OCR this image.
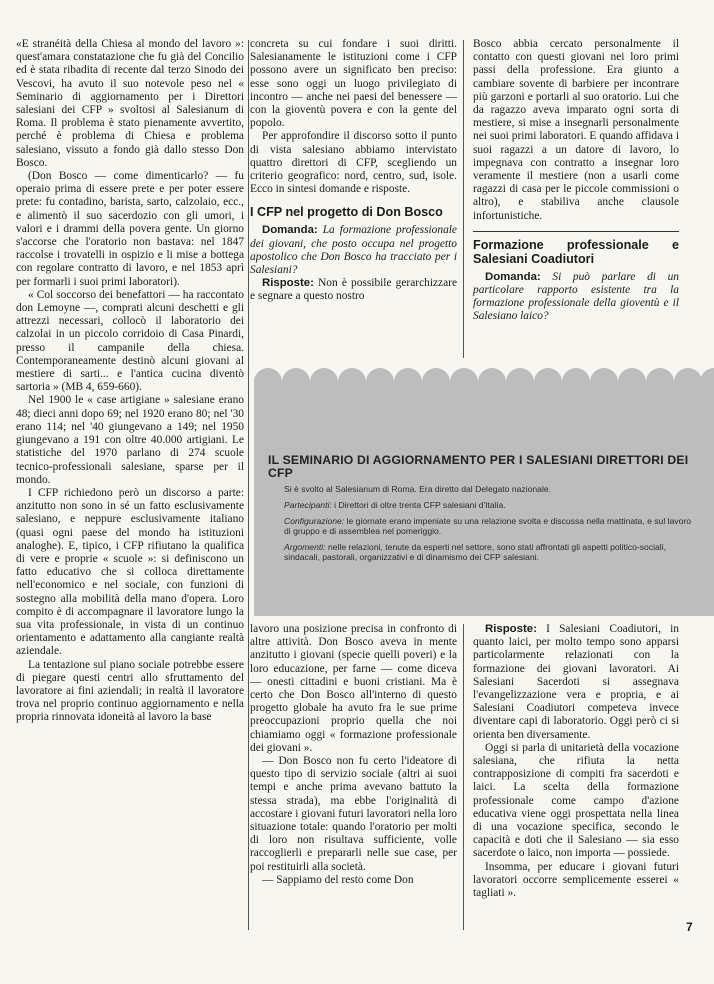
«E stranéità della Chiesa al mondo del lavoro »: quest'amara constatazione che fu già del Concilio ed è stata ribadita di recente dal terzo Sinodo dei Vescovi, ha avuto il suo notevole peso nel « Seminario di aggiornamento per i Direttori salesiani dei CFP » svoltosi al Salesianum di Roma. Il problema è stato pienamente avvertito, perché è problema di Chiesa e problema salesiano, vissuto a fondo già dallo stesso Don Bosco.

(Don Bosco — come dimenticarlo? — fu operaio prima di essere prete e per poter essere prete: fu contadino, barista, sarto, calzolaio, ecc., e alimentò il suo sacerdozio con gli umori, i valori e i drammi della povera gente. Un giorno s'accorse che l'oratorio non bastava: nel 1847 raccolse i trovatelli in ospizio e li mise a bottega con regolare contratto di lavoro, e nel 1853 aprì per formarli i suoi primi laboratori).

« Col soccorso dei benefattori — ha raccontato don Lemoyne —, comprati alcuni deschetti e gli attrezzi necessari, collocò il laboratorio dei calzolai in un piccolo corridoio di Casa Pinardi, presso il campanile della chiesa. Contemporaneamente destinò alcuni giovani al mestiere di sarti... e l'antica cucina diventò sartoria » (MB 4, 659-660).

Nel 1900 le « case artigiane » salesiane erano 48; dieci anni dopo 69; nel 1920 erano 80; nel '30 erano 114; nel '40 giungevano a 149; nel 1950 giungevano a 191 con oltre 40.000 artigiani. Le statistiche del 1970 parlano di 274 scuole tecnico-professionali salesiane, sparse per il mondo.

I CFP richiedono però un discorso a parte: anzitutto non sono in sé un fatto esclusivamente salesiano, e neppure esclusivamente italiano (quasi ogni paese del mondo ha istituzioni analoghe). E, tipico, i CFP rifiutano la qualifica di vere e proprie « scuole »: si definiscono un fatto educativo che si colloca direttamente nell'economico e nel sociale, con funzioni di sostegno alla mobilità della mano d'opera. Loro compito è di accompagnare il lavoratore lungo la sua vita professionale, in vista di un continuo orientamento e adattamento alla cangiante realtà aziendale.

La tentazione sul piano sociale potrebbe essere di piegare questi centri allo sfruttamento del lavoratore ai fini aziendali; in realtà il lavoratore trova nel proprio continuo aggiornamento e nella propria rinnovata idoneità al lavoro la base

concreta su cui fondare i suoi diritti. Salesianamente le istituzioni come i CFP possono avere un significato ben preciso: esse sono oggi un luogo privilegiato di incontro — anche nei paesi del benessere — con la gioventù povera e con la gente del popolo.

Per approfondire il discorso sotto il punto di vista salesiano abbiamo intervistato quattro direttori di CFP, scegliendo un criterio geografico: nord, centro, sud, isole. Ecco in sintesi domande e risposte.

I CFP nel progetto di Don Bosco

Domanda: La formazione professionale dei giovani, che posto occupa nel progetto apostolico che Don Bosco ha tracciato per i Salesiani?

Risposte: Non è possibile gerarchizzare e segnare a questo nostro

Bosco abbia cercato personalmente il contatto con questi giovani nei loro primi passi della professione. Era giunto a cambiare sovente di barbiere per incontrare più garzoni e portarli al suo oratorio. Lui che da ragazzo aveva imparato ogni sorta di mestiere, si mise a insegnarli personalmente nei suoi primi laboratori. E quando affidava i suoi ragazzi a un datore di lavoro, lo impegnava con contratto a insegnar loro veramente il mestiere (non a usarli come ragazzi di casa per le piccole commissioni o altro), e stabiliva anche clausole infortunistiche.

Formazione professionale e Salesiani Coadiutori

Domanda: Si può parlare di un particolare rapporto esistente tra la formazione professionale della gioventù e il Salesiano laico?

IL SEMINARIO DI AGGIORNAMENTO PER I SALESIANI DIRETTORI DEI CFP
Si è svolto al Salesianum di Roma. Era diretto dal Delegato nazionale.
Partecipanti: i Direttori di oltre trenta CFP salesiani d'Italia.
Configurazione: le giornate erano impeniate su una relazione svolta e discussa nella mattinata, e sul lavoro di gruppo e di assemblea nel pomeriggio.
Argomenti: nelle relazioni, tenute da esperti nel settore, sono stati affrontati gli aspetti politico-sociali, sindacali, pastorali, organizzativi e di dinamismo dei CFP salesiani.

lavoro una posizione precisa in confronto di altre attività. Don Bosco aveva in mente anzitutto i giovani (specie quelli poveri) e la loro educazione, per farne — come diceva — onesti cittadini e buoni cristiani. Ma è certo che Don Bosco all'interno di questo progetto globale ha avuto fra le sue prime preoccupazioni proprio quella che noi chiamiamo oggi « formazione professionale dei giovani ».

— Don Bosco non fu certo l'ideatore di questo tipo di servizio sociale (altri ai suoi tempi e anche prima avevano battuto la stessa strada), ma ebbe l'originalità di accostare i giovani futuri lavoratori nella loro situazione totale: quando l'oratorio per molti di loro non risultava sufficiente, volle raccoglierli e prepararli nelle sue case, per poi restituirli alla società.

— Sappiamo del resto come Don

Risposte: I Salesiani Coadiutori, in quanto laici, per molto tempo sono apparsi particolarmente relazionati con la formazione dei giovani lavoratori. Ai Salesiani Sacerdoti si assegnava l'evangelizzazione vera e propria, e ai Salesiani Coadiutori competeva invece diventare capi di laboratorio. Oggi però ci si orienta ben diversamente.

Oggi si parla di unitarietà della vocazione salesiana, che rifiuta la netta contrapposizione di compiti fra sacerdoti e laici. La scelta della formazione professionale come campo d'azione educativa viene oggi prospettata nella linea di una vocazione specifica, secondo le capacità e doti che il Salesiano — sia esso sacerdote o laico, non importa — possiede.

Insomma, per educare i giovani futuri lavoratori occorre semplicemente esserei « tagliati ».

7
